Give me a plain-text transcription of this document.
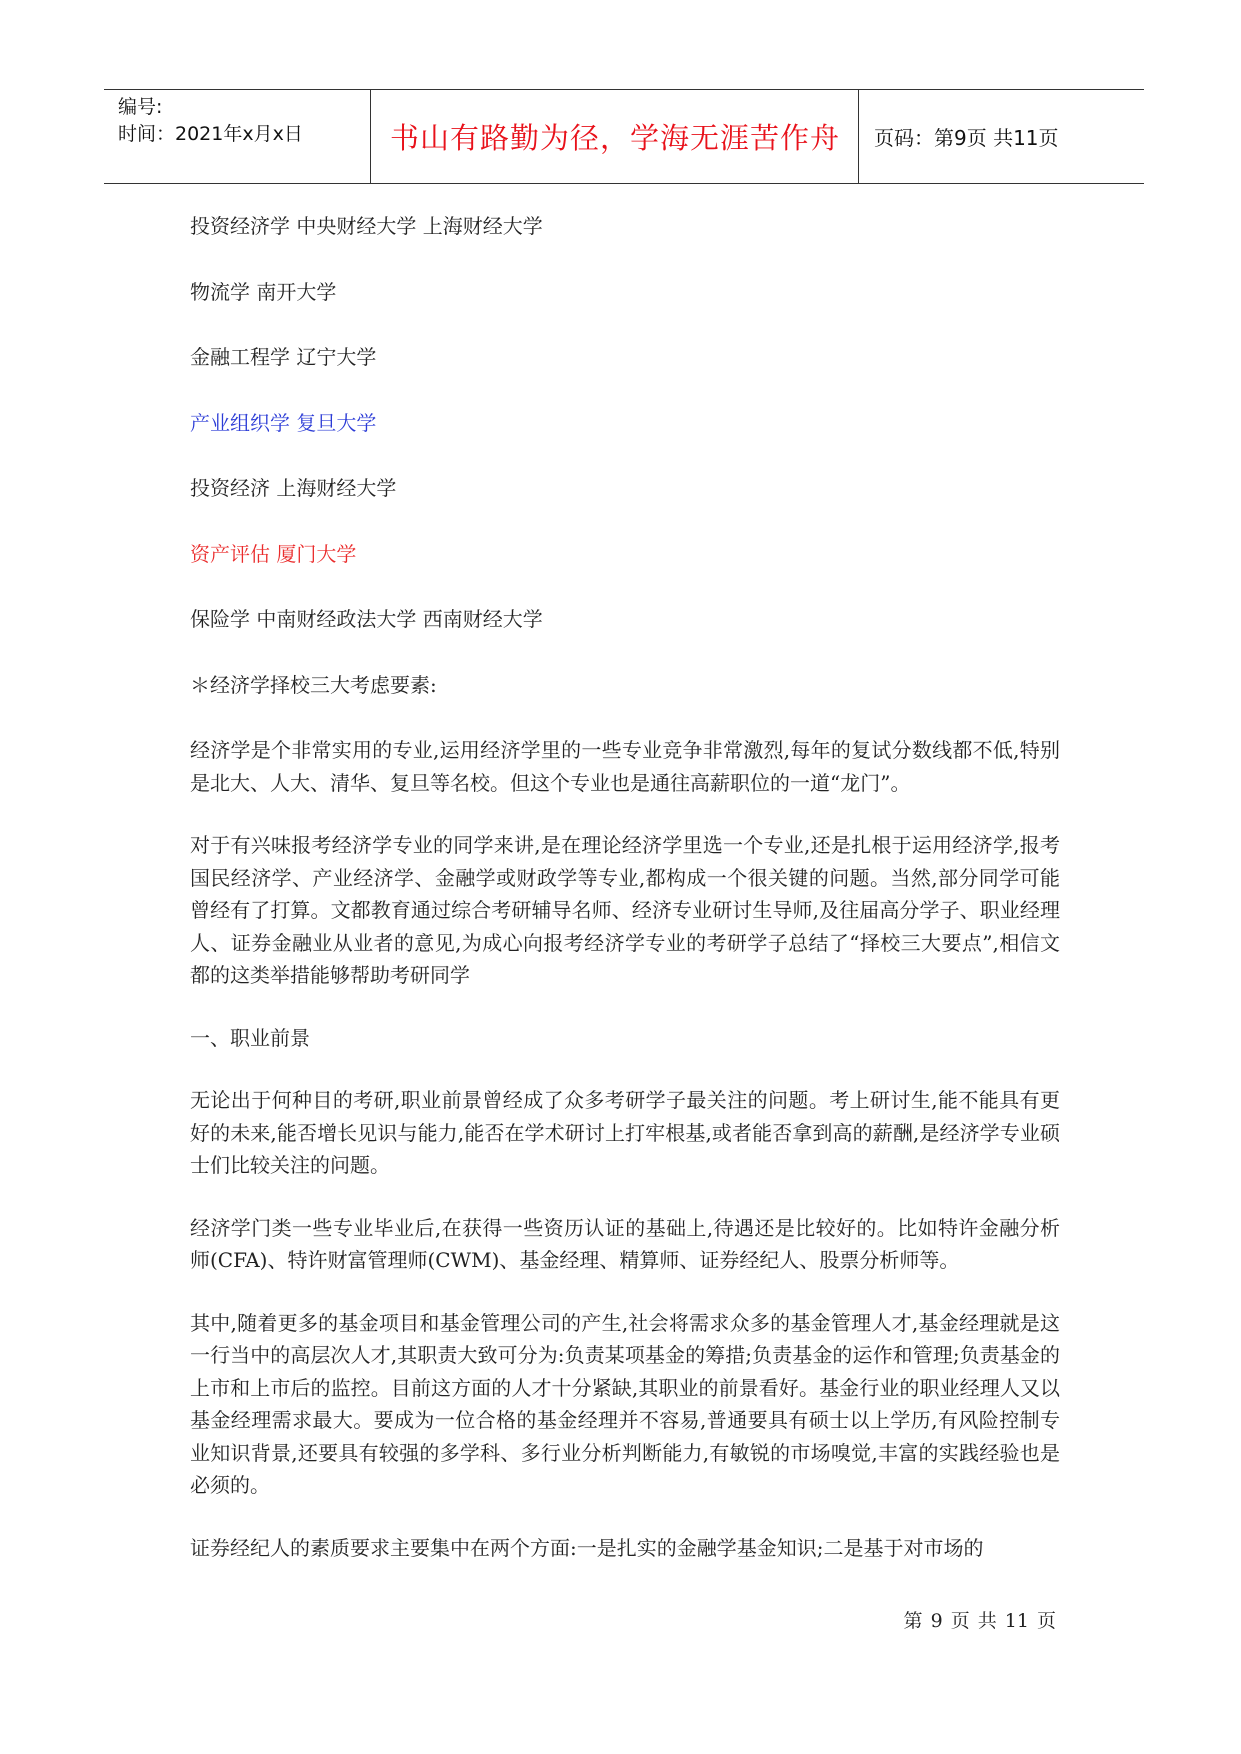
编号:
时间：2021年x月x日	书山有路勤为径，学海无涯苦作舟	页码：第9页 共11页

投资经济学 中央财经大学 上海财经大学

物流学 南开大学

金融工程学 辽宁大学

产业组织学 复旦大学

投资经济 上海财经大学

资产评估 厦门大学

保险学 中南财经政法大学 西南财经大学

＊经济学择校三大考虑要素:

经济学是个非常实用的专业,运用经济学里的一些专业竞争非常激烈,每年的复试分数线都不低,特别是北大、人大、清华、复旦等名校。但这个专业也是通往高薪职位的一道“龙门”。

对于有兴味报考经济学专业的同学来讲,是在理论经济学里选一个专业,还是扎根于运用经济学,报考国民经济学、产业经济学、金融学或财政学等专业,都构成一个很关键的问题。当然,部分同学可能曾经有了打算。文都教育通过综合考研辅导名师、经济专业研讨生导师,及往届高分学子、职业经理人、证券金融业从业者的意见,为成心向报考经济学专业的考研学子总结了“择校三大要点”,相信文都的这类举措能够帮助考研同学

一、职业前景

无论出于何种目的考研,职业前景曾经成了众多考研学子最关注的问题。考上研讨生,能不能具有更好的未来,能否增长见识与能力,能否在学术研讨上打牢根基,或者能否拿到高的薪酬,是经济学专业硕士们比较关注的问题。

经济学门类一些专业毕业后,在获得一些资历认证的基础上,待遇还是比较好的。比如特许金融分析师(CFA)、特许财富管理师(CWM)、基金经理、精算师、证券经纪人、股票分析师等。

其中,随着更多的基金项目和基金管理公司的产生,社会将需求众多的基金管理人才,基金经理就是这一行当中的高层次人才,其职责大致可分为:负责某项基金的筹措;负责基金的运作和管理;负责基金的上市和上市后的监控。目前这方面的人才十分紧缺,其职业的前景看好。基金行业的职业经理人又以基金经理需求最大。要成为一位合格的基金经理并不容易,普通要具有硕士以上学历,有风险控制专业知识背景,还要具有较强的多学科、多行业分析判断能力,有敏锐的市场嗅觉,丰富的实践经验也是必须的。

证券经纪人的素质要求主要集中在两个方面:一是扎实的金融学基金知识;二是基于对市场的

第 9 页 共 11 页
